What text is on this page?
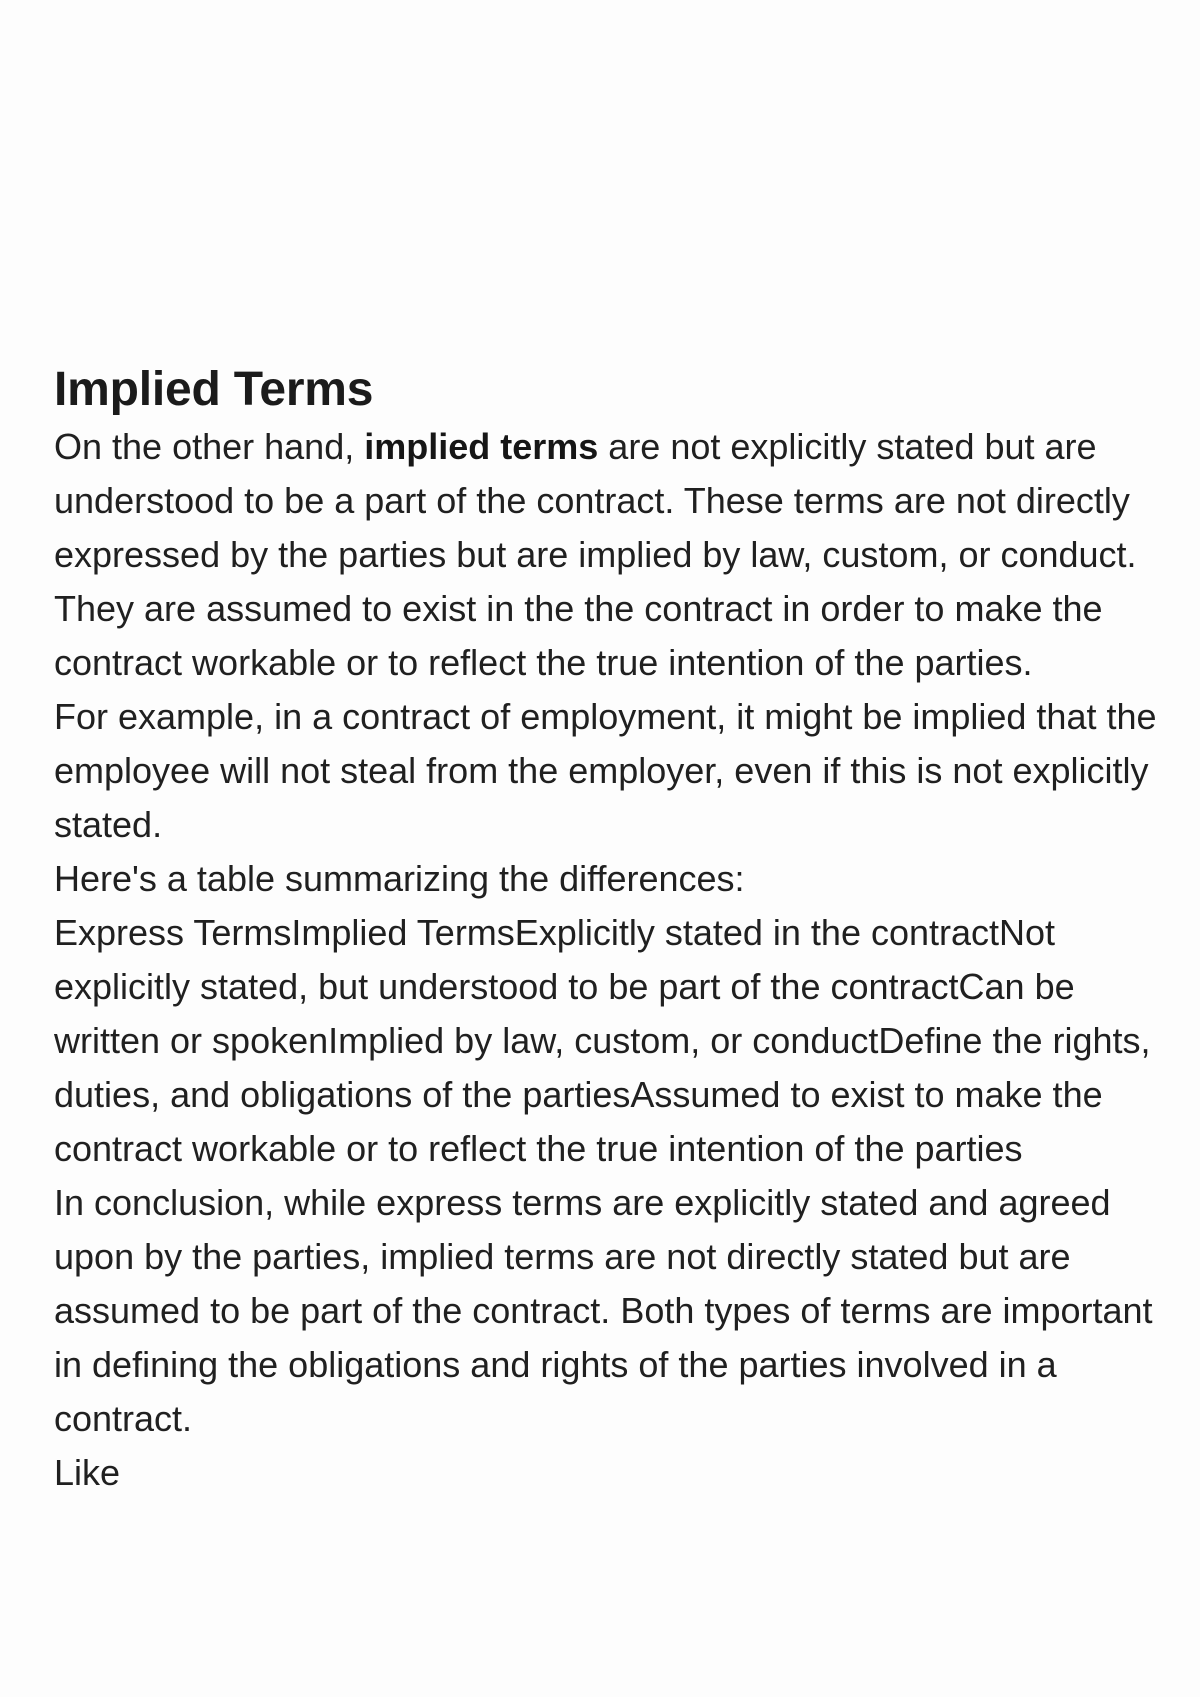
Implied Terms

On the other hand, implied terms are not explicitly stated but are understood to be a part of the contract. These terms are not directly expressed by the parties but are implied by law, custom, or conduct. They are assumed to exist in the the contract in order to make the contract workable or to reflect the true intention of the parties.

For example, in a contract of employment, it might be implied that the employee will not steal from the employer, even if this is not explicitly stated.

Here's a table summarizing the differences:

Express TermsImplied TermsExplicitly stated in the contractNot explicitly stated, but understood to be part of the contractCan be written or spokenImplied by law, custom, or conductDefine the rights, duties, and obligations of the partiesAssumed to exist to make the contract workable or to reflect the true intention of the parties

In conclusion, while express terms are explicitly stated and agreed upon by the parties, implied terms are not directly stated but are assumed to be part of the contract. Both types of terms are important in defining the obligations and rights of the parties involved in a contract.

Like
